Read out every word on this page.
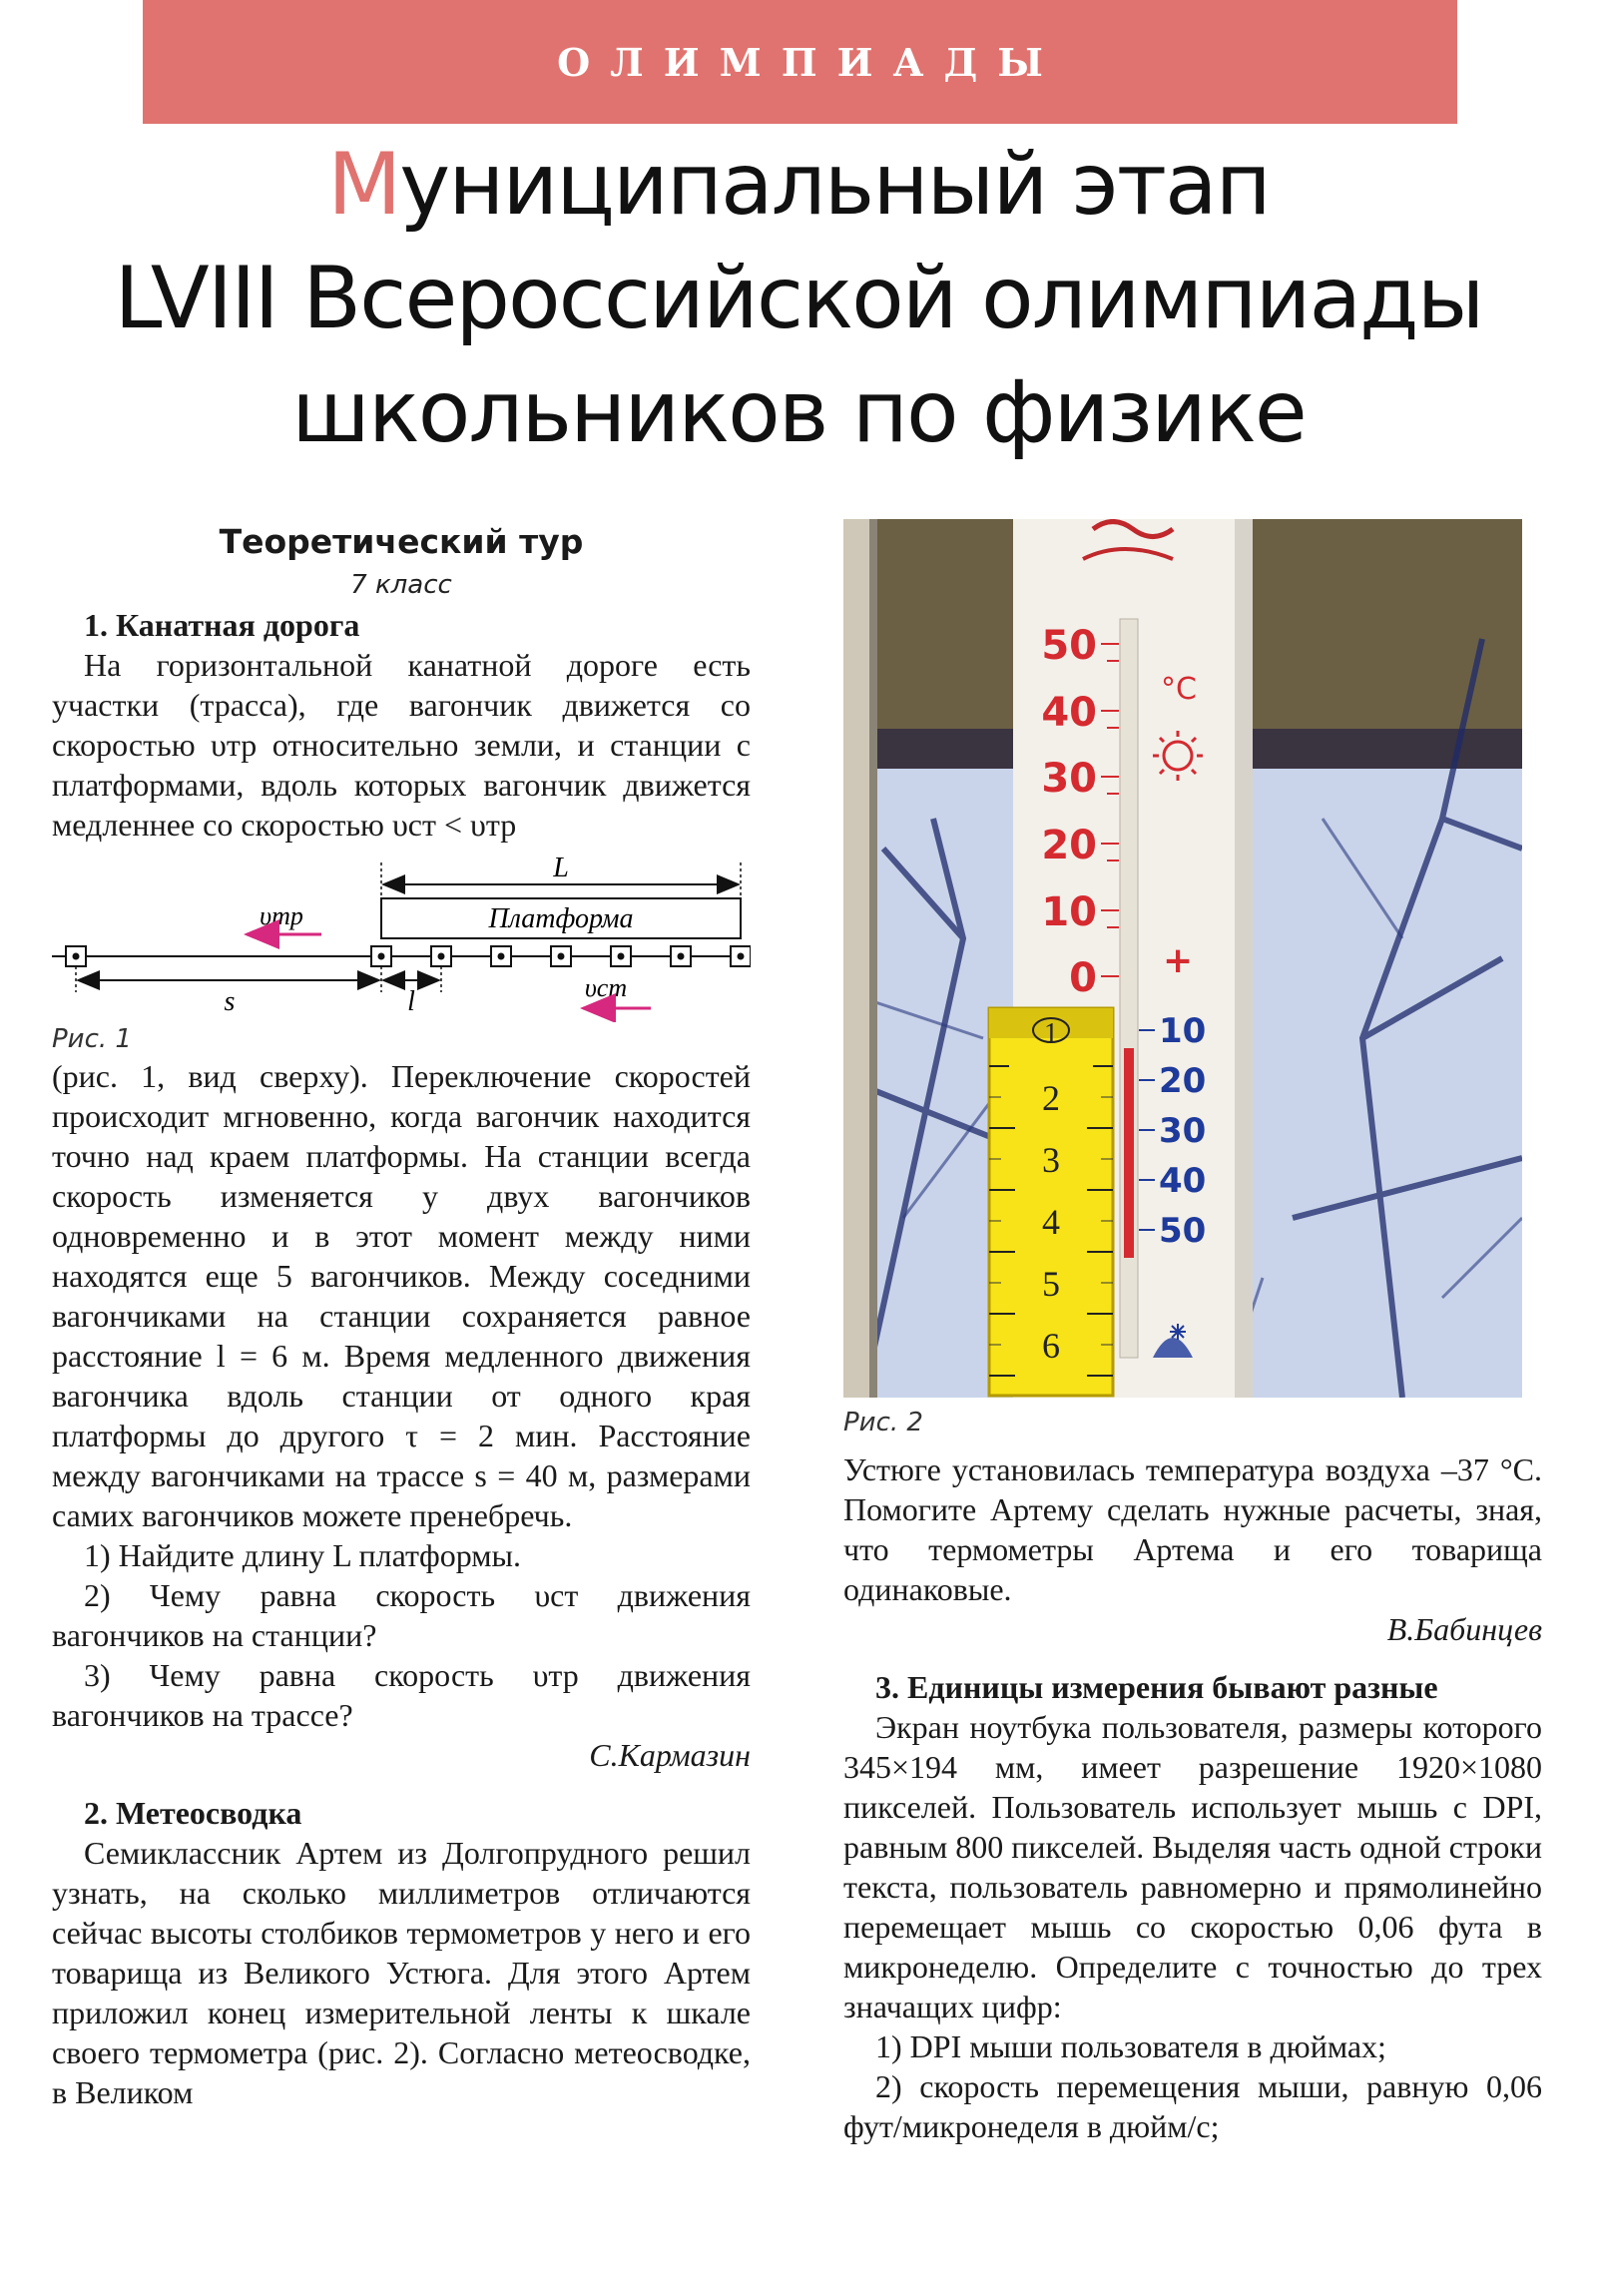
ОЛИМПИАДЫ
Муниципальный этап
LVIII Всероссийской олимпиады
школьников по физике
Теоретический тур
7 класс

1. Канатная дорога

На горизонтальной канатной дороге есть участки (трасса), где вагончик движется со скоростью υтр относительно земли, и станции с платформами, вдоль которых вагончик движется медленнее со скоростью υст < υтр

L
Платформа
υтр
s	l	υст
Рис. 1

(рис. 1, вид сверху). Переключение скоростей происходит мгновенно, когда вагончик находится точно над краем платформы. На станции всегда скорость изменяется у двух вагончиков одновременно и в этот момент между ними находятся еще 5 вагончиков. Между соседними вагончиками на станции сохраняется равное расстояние l = 6 м. Время медленного движения вагончика вдоль станции от одного края платформы до другого τ = 2 мин. Расстояние между вагончиками на трассе s = 40 м, размерами самих вагончиков можете пренебречь.

1) Найдите длину L платформы.

2) Чему равна скорость υст движения вагончиков на станции?

3) Чему равна скорость υтр движения вагончиков на трассе?

С.Кармазин

2. Метеосводка

Семиклассник Артем из Долгопрудного решил узнать, на сколько миллиметров отличаются сейчас высоты столбиков термометров у него и его товарища из Великого Устюга. Для этого Артем приложил конец измерительной ленты к шкале своего термометра (рис. 2). Согласно метеосводке, в Великом

50
40
30
20
10
0
°C
+
10
20
30
40
50
1
2
3
4
5
6
Рис. 2

Устюге установилась температура воздуха –37 °С. Помогите Артему сделать нужные расчеты, зная, что термометры Артема и его товарища одинаковые.

В.Бабинцев

3. Единицы измерения бывают разные

Экран ноутбука пользователя, размеры которого 345×194 мм, имеет разрешение 1920×1080 пикселей. Пользователь использует мышь с DPI, равным 800 пикселей. Выделяя часть одной строки текста, пользователь равномерно и прямолинейно перемещает мышь со скоростью 0,06 фута в микронеделю. Определите с точностью до трех значащих цифр:

1) DPI мыши пользователя в дюймах;

2) скорость перемещения мыши, равную 0,06 фут/микронеделя в дюйм/с;
